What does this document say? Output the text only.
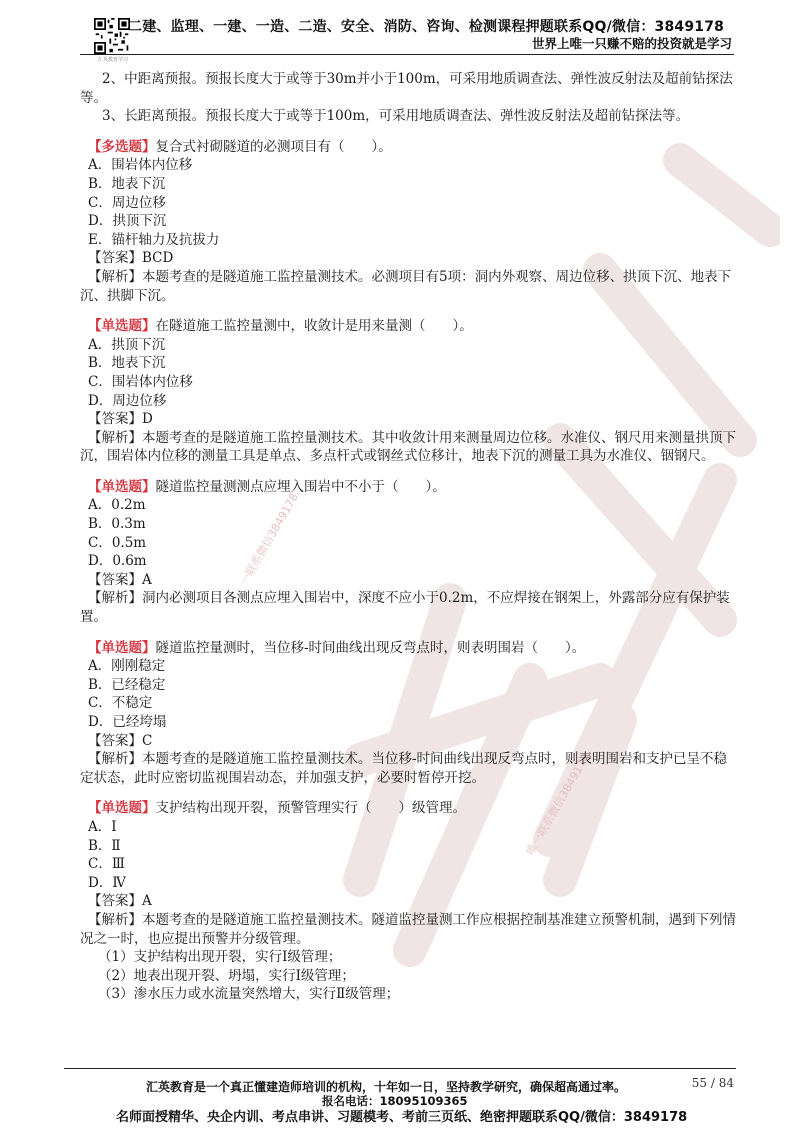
汇英教育学习
二建、监理、一建、一造、二造、安全、消防、咨询、检测课程押题联系QQ/微信：3849178
世界上唯一只赚不赔的投资就是学习
一联系微信3849178
唯一联系微信3849178

2、中距离预报。预报长度大于或等于30m并小于100m，可采用地质调查法、弹性波反射法及超前钻探法等。

3、长距离预报。预报长度大于或等于100m，可采用地质调查法、弹性波反射法及超前钻探法等。

【多选题】复合式衬砌隧道的必测项目有（　　）。

A．围岩体内位移

B．地表下沉

C．周边位移

D．拱顶下沉

E．锚杆轴力及抗拔力

【答案】BCD

【解析】本题考查的是隧道施工监控量测技术。必测项目有5项：洞内外观察、周边位移、拱顶下沉、地表下沉、拱脚下沉。

【单选题】在隧道施工监控量测中，收敛计是用来量测（　　）。

A．拱顶下沉

B．地表下沉

C．围岩体内位移

D．周边位移

【答案】D

【解析】本题考查的是隧道施工监控量测技术。其中收敛计用来测量周边位移。水准仪、钢尺用来测量拱顶下沉，围岩体内位移的测量工具是单点、多点杆式或钢丝式位移计，地表下沉的测量工具为水准仪、铟钢尺。

【单选题】隧道监控量测测点应埋入围岩中不小于（　　）。

A．0.2m

B．0.3m

C．0.5m

D．0.6m

【答案】A

【解析】洞内必测项目各测点应埋入围岩中，深度不应小于0.2m，不应焊接在钢架上，外露部分应有保护装置。

【单选题】隧道监控量测时，当位移-时间曲线出现反弯点时，则表明围岩（　　）。

A．刚刚稳定

B．已经稳定

C．不稳定

D．已经垮塌

【答案】C

【解析】本题考查的是隧道施工监控量测技术。当位移-时间曲线出现反弯点时，则表明围岩和支护已呈不稳定状态，此时应密切监视围岩动态，并加强支护，必要时暂停开挖。

【单选题】支护结构出现开裂，预警管理实行（　　）级管理。

A．Ⅰ

B．Ⅱ

C．Ⅲ

D．Ⅳ

【答案】A

【解析】本题考查的是隧道施工监控量测技术。隧道监控量测工作应根据控制基准建立预警机制，遇到下列情况之一时，也应提出预警并分级管理。

（1）支护结构出现开裂，实行Ⅰ级管理；

（2）地表出现开裂、坍塌，实行Ⅰ级管理；

（3）渗水压力或水流量突然增大，实行Ⅱ级管理；

汇英教育是一个真正懂建造师培训的机构，十年如一日，坚持教学研究，确保超高通过率。	55 / 84
报名电话：18095109365
名师面授精华、央企内训、考点串讲、习题模考、考前三页纸、绝密押题联系QQ/微信：3849178
